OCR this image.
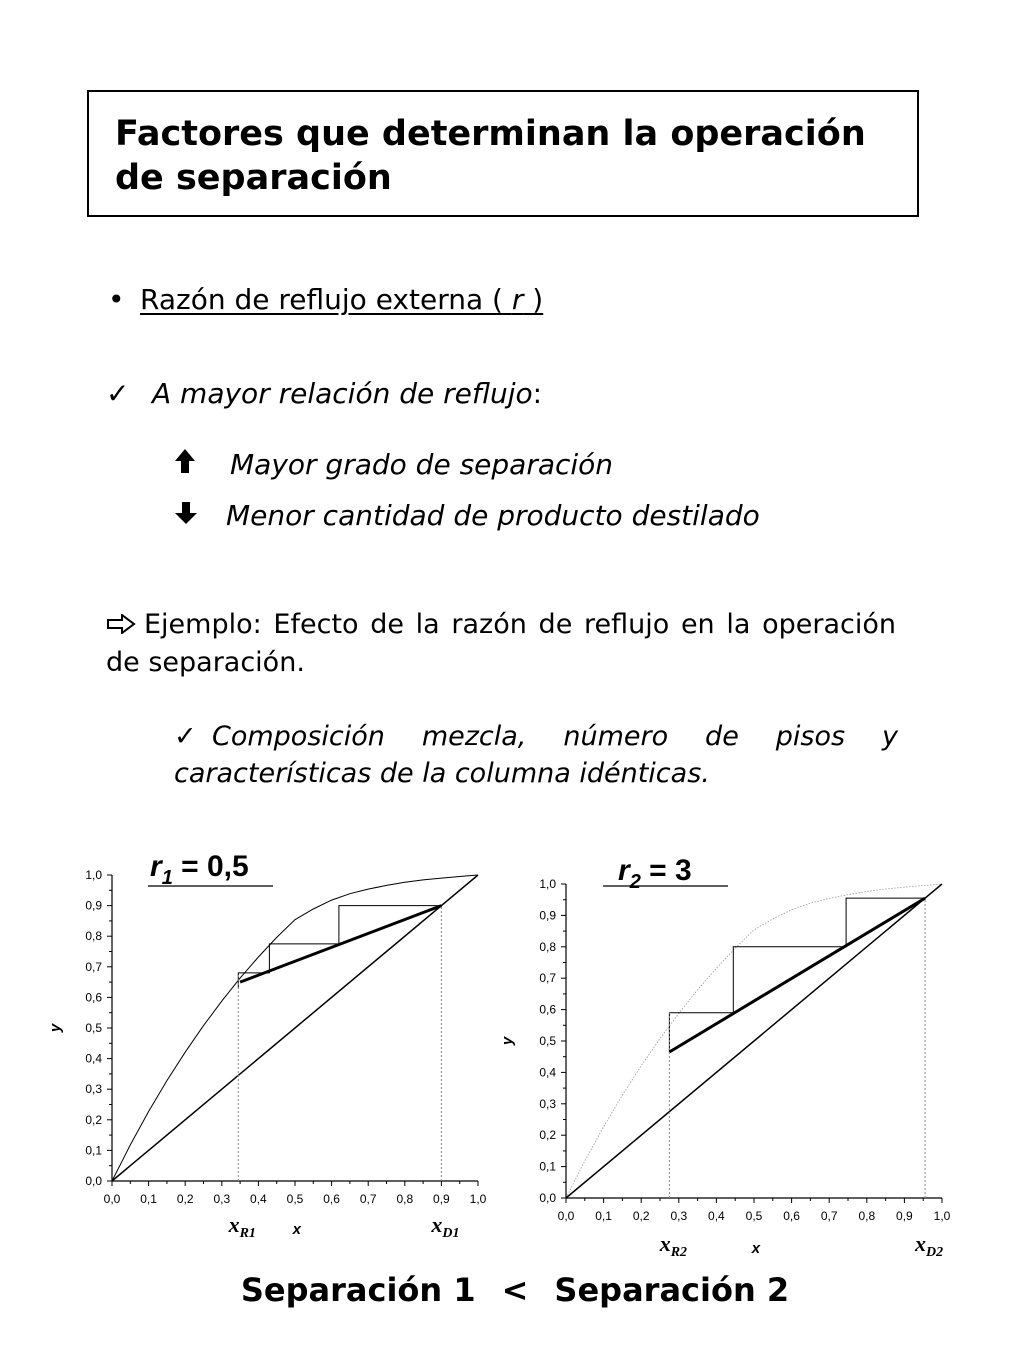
Factores que determinan la operación de separación

• Razón de reflujo externa ( r )
✓ A mayor relación de reflujo:
Mayor grado de separación
Menor cantidad de producto destilado
Ejemplo: Efecto de la razón de reflujo en la operación de separación.
✓ Composición mezcla, número de pisos y características de la columna idénticas.
$r_1 = 0,5$
0,0
0,0
0,1
0,1
0,2
0,2
0,3
0,3
0,4
0,4
0,5
0,5
0,6
0,6
0,7
0,7
0,8
0,8
0,9
0,9
1,0
1,0
y
x
$x_{R1}$	$x_{D1}$
$r_2 = 3$
0,0
0,0
0,1
0,1
0,2
0,2
0,3
0,3
0,4
0,4
0,5
0,5
0,6
0,6
0,7
0,7
0,8
0,8
0,9
0,9
1,0
1,0
y
x
$x_{R2}$	$x_{D2}$
Separación 1 < Separación 2
